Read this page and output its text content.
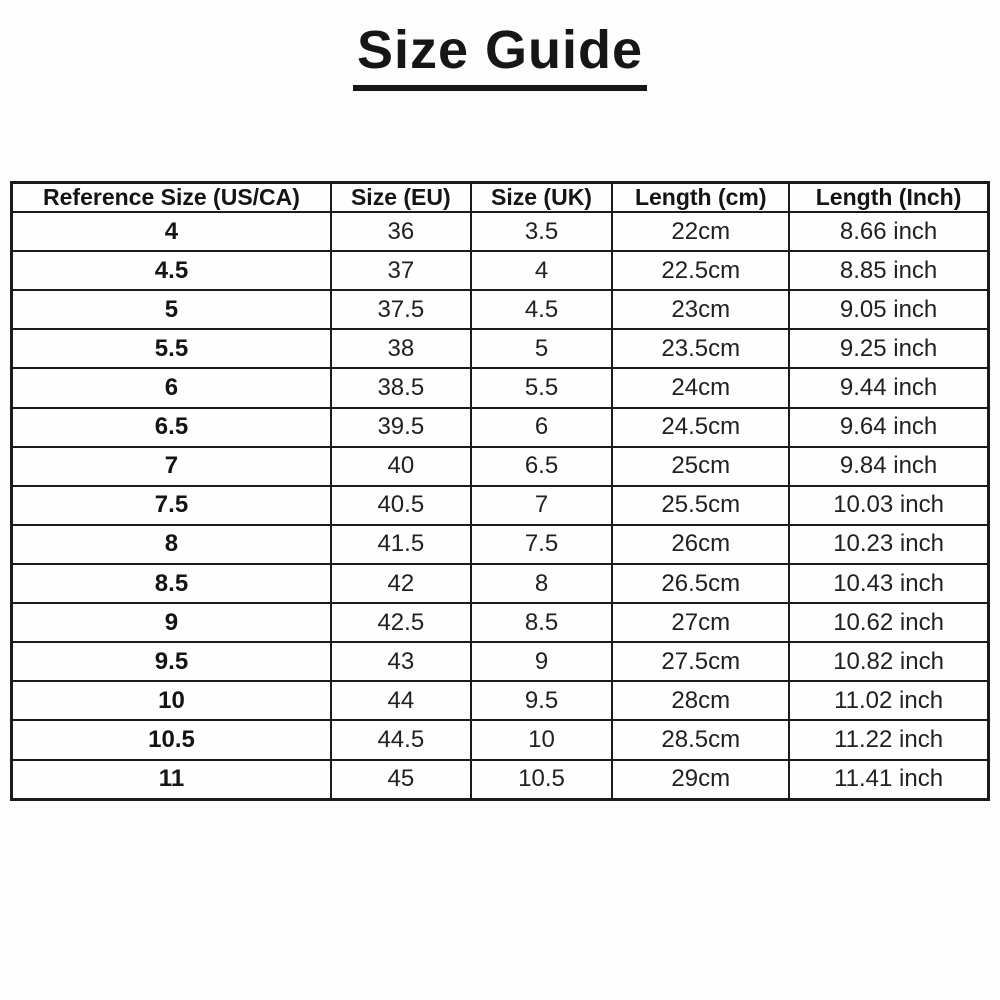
Size Guide
Reference Size (US/CA)	Size (EU)	Size (UK)	Length (cm)	Length (Inch)
4	36	3.5	22cm	8.66 inch
4.5	37	4	22.5cm	8.85 inch
5	37.5	4.5	23cm	9.05 inch
5.5	38	5	23.5cm	9.25 inch
6	38.5	5.5	24cm	9.44 inch
6.5	39.5	6	24.5cm	9.64 inch
7	40	6.5	25cm	9.84 inch
7.5	40.5	7	25.5cm	10.03 inch
8	41.5	7.5	26cm	10.23 inch
8.5	42	8	26.5cm	10.43 inch
9	42.5	8.5	27cm	10.62 inch
9.5	43	9	27.5cm	10.82 inch
10	44	9.5	28cm	11.02 inch
10.5	44.5	10	28.5cm	11.22 inch
11	45	10.5	29cm	11.41 inch
